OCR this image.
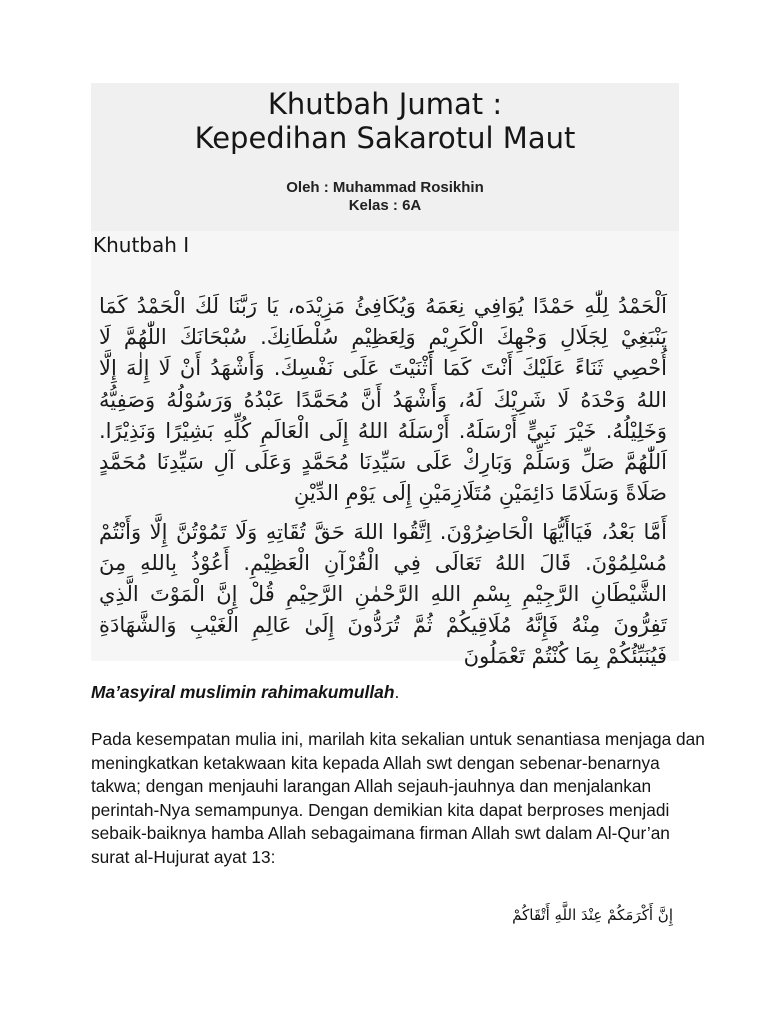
Khutbah Jumat :
Kepedihan Sakarotul Maut
Oleh : Muhammad Rosikhin
Kelas : 6A
Khutbah I
اَلْحَمْدُ لِلّٰهِ حَمْدًا يُوَافِي نِعَمَهُ وَيُكَافِئُ مَزِيْدَه، يَا رَبَّنَا لَكَ الْحَمْدُ كَمَا يَنْبَغِيْ لِجَلَالِ وَجْهِكَ الْكَرِيْمِ وَلِعَظِيْمِ سُلْطَانِكَ. سُبْحَانَكَ اللّٰهُمَّ لَا أُحْصِي ثَنَاءً عَلَيْكَ أَنْتَ كَمَا أَثْنَيْتَ عَلَى نَفْسِكَ. وَأَشْهَدُ أَنْ لَا إِلٰهَ إِلَّا اللهُ وَحْدَهُ لَا شَرِيْكَ لَهُ، وَأَشْهَدُ أَنَّ مُحَمَّدًا عَبْدُهُ وَرَسُوْلُهُ وَصَفِيُّهُ وَخَلِيْلُهُ. خَيْرَ نَبِيٍّ أَرْسَلَهُ. أَرْسَلَهُ اللهُ إِلَى الْعَالَمِ كُلِّهِ بَشِيْرًا وَنَذِيْرًا. اَللّٰهُمَّ صَلِّ وَسَلِّمْ وَبَارِكْ عَلَى سَيِّدِنَا مُحَمَّدٍ وَعَلَى آلِ سَيِّدِنَا مُحَمَّدٍ صَلَاةً وَسَلَامًا دَائِمَيْنِ مُتَلَازِمَيْنِ إِلَى يَوْمِ الدِّيْنِ
أَمَّا بَعْدُ، فَيَاأَيُّهَا الْحَاضِرُوْنَ. اِتَّقُوا اللهَ حَقَّ تُقَاتِهِ وَلَا تَمُوْتُنَّ إِلَّا وَأَنْتُمْ مُسْلِمُوْنَ. قَالَ اللهُ تَعَالَى فِي الْقُرْآنِ الْعَظِيْمِ. أَعُوْذُ بِاللهِ مِنَ الشَّيْطَانِ الرَّجِيْمِ بِسْمِ اللهِ الرَّحْمٰنِ الرَّحِيْمِ قُلْ إِنَّ الْمَوْتَ الَّذِي تَفِرُّونَ مِنْهُ فَإِنَّهُ مُلَاقِيكُمْ ثُمَّ تُرَدُّونَ إِلَىٰ عَالِمِ الْغَيْبِ وَالشَّهَادَةِ فَيُنَبِّئُكُمْ بِمَا كُنْتُمْ تَعْمَلُونَ
Ma’asyiral muslimin rahimakumullah.
Pada kesempatan mulia ini, marilah kita sekalian untuk senantiasa menjaga dan meningkatkan ketakwaan kita kepada Allah swt dengan sebenar-benarnya takwa; dengan menjauhi larangan Allah sejauh-jauhnya dan menjalankan perintah-Nya semampunya. Dengan demikian kita dapat berproses menjadi sebaik-baiknya hamba Allah sebagaimana firman Allah swt dalam Al-Qur’an surat al-Hujurat ayat 13:
إِنَّ أَكْرَمَكُمْ عِنْدَ اللَّهِ أَتْقَاكُمْ
